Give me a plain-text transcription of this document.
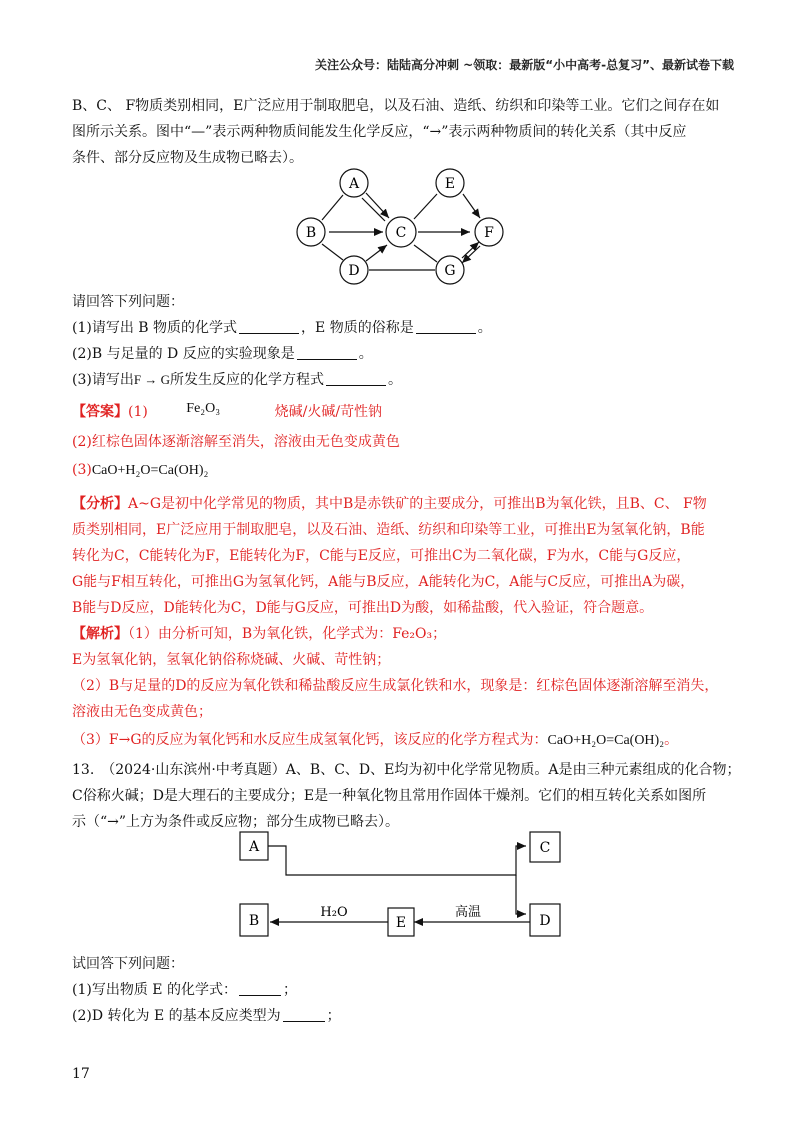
关注公众号：陆陆高分冲刺 ~领取：最新版“小中高考-总复习”、最新试卷下载
B、C、 F物质类别相同，E广泛应用于制取肥皂，以及石油、造纸、纺织和印染等工业。它们之间存在如
图所示关系。图中“—”表示两种物质间能发生化学反应，“→”表示两种物质间的转化关系（其中反应
条件、部分反应物及生成物已略去）。
A
B	C
D
E
F
G
A
B
C
D
E
H₂O	高温
请回答下列问题：
(1)请写出 B 物质的化学式	，E 物质的俗称是	。
(2)B 与足量的 D 反应的实验现象是	。
(3)请写出F → G所发生反应的化学方程式	。
【答案】(1)	Fe₂O₃	烧碱/火碱/苛性钠
(2)红棕色固体逐渐溶解至消失，溶液由无色变成黄色
(3)CaO+H₂O=Ca(OH)₂
【分析】A~G是初中化学常见的物质，其中B是赤铁矿的主要成分，可推出B为氧化铁，且B、C、 F物
质类别相同，E广泛应用于制取肥皂，以及石油、造纸、纺织和印染等工业，可推出E为氢氧化钠，B能
转化为C，C能转化为F，E能转化为F，C能与E反应，可推出C为二氧化碳，F为水，C能与G反应，
G能与F相互转化，可推出G为氢氧化钙，A能与B反应，A能转化为C，A能与C反应，可推出A为碳，
B能与D反应，D能转化为C，D能与G反应，可推出D为酸，如稀盐酸，代入验证，符合题意。
【解析】（1）由分析可知，B为氧化铁，化学式为：Fe₂O₃；
E为氢氧化钠，氢氧化钠俗称烧碱、火碱、苛性钠；
（2）B与足量的D的反应为氧化铁和稀盐酸反应生成氯化铁和水，现象是：红棕色固体逐渐溶解至消失，
溶液由无色变成黄色；
（3）F→G的反应为氧化钙和水反应生成氢氧化钙，该反应的化学方程式为：CaO+H₂O=Ca(OH)₂。
13.　（2024·山东滨州·中考真题）A、B、C、D、E均为初中化学常见物质。A是由三种元素组成的化合物；
C俗称火碱；D是大理石的主要成分；E是一种氧化物且常用作固体干燥剂。它们的相互转化关系如图所
示（“→”上方为条件或反应物；部分生成物已略去）。
试回答下列问题：
(1)写出物质 E 的化学式：	；
(2)D 转化为 E 的基本反应类型为	；
17
